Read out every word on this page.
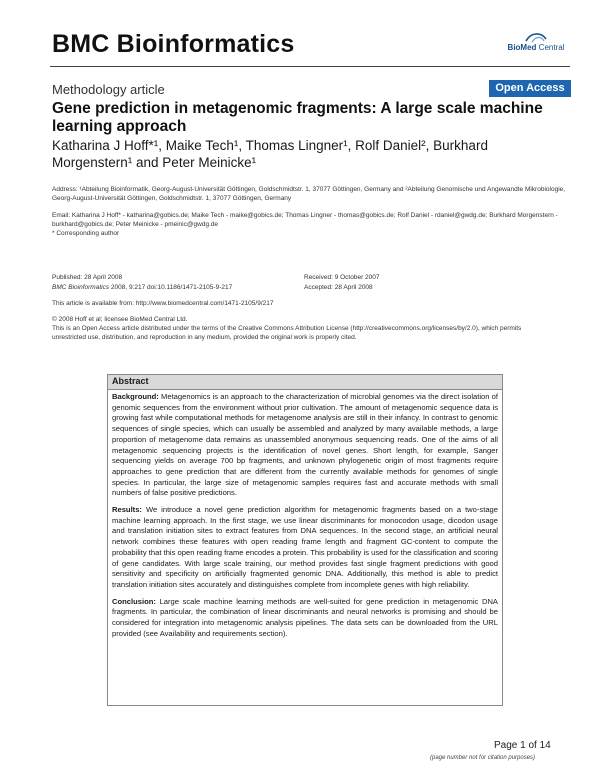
BMC Bioinformatics	BioMed Central
Methodology article	Open Access
Gene prediction in metagenomic fragments: A large scale machine learning approach
Katharina J Hoff*¹, Maike Tech¹, Thomas Lingner¹, Rolf Daniel², Burkhard Morgenstern¹ and Peter Meinicke¹
Address: ¹Abteilung Bioinformatik, Georg-August-Universität Göttingen, Goldschmidtstr. 1, 37077 Göttingen, Germany and ²Abteilung Genomische und Angewandte Mikrobiologie, Georg-August-Universität Göttingen, Goldschmidtstr. 1, 37077 Göttingen, Germany
Email: Katharina J Hoff* - katharina@gobics.de; Maike Tech - maike@gobics.de; Thomas Lingner - thomas@gobics.de; Rolf Daniel - rdaniel@gwdg.de; Burkhard Morgenstern - burkhard@gobics.de; Peter Meinicke - pmeinic@gwdg.de
* Corresponding author
Published: 28 April 2008
BMC Bioinformatics 2008, 9:217 doi:10.1186/1471-2105-9-217
Received: 9 October 2007
Accepted: 28 April 2008
This article is available from: http://www.biomedcentral.com/1471-2105/9/217
© 2008 Hoff et al; licensee BioMed Central Ltd.
This is an Open Access article distributed under the terms of the Creative Commons Attribution License (http://creativecommons.org/licenses/by/2.0), which permits unrestricted use, distribution, and reproduction in any medium, provided the original work is properly cited.
Abstract

Background: Metagenomics is an approach to the characterization of microbial genomes via the direct isolation of genomic sequences from the environment without prior cultivation. The amount of metagenomic sequence data is growing fast while computational methods for metagenome analysis are still in their infancy. In contrast to genomic sequences of single species, which can usually be assembled and analyzed by many available methods, a large proportion of metagenome data remains as unassembled anonymous sequencing reads. One of the aims of all metagenomic sequencing projects is the identification of novel genes. Short length, for example, Sanger sequencing yields on average 700 bp fragments, and unknown phylogenetic origin of most fragments require approaches to gene prediction that are different from the currently available methods for genomes of single species. In particular, the large size of metagenomic samples requires fast and accurate methods with small numbers of false positive predictions.

Results: We introduce a novel gene prediction algorithm for metagenomic fragments based on a two-stage machine learning approach. In the first stage, we use linear discriminants for monocodon usage, dicodon usage and translation initiation sites to extract features from DNA sequences. In the second stage, an artificial neural network combines these features with open reading frame length and fragment GC-content to compute the probability that this open reading frame encodes a protein. This probability is used for the classification and scoring of gene candidates. With large scale training, our method provides fast single fragment predictions with good sensitivity and specificity on artificially fragmented genomic DNA. Additionally, this method is able to predict translation initiation sites accurately and distinguishes complete from incomplete genes with high reliability.

Conclusion: Large scale machine learning methods are well-suited for gene prediction in metagenomic DNA fragments. In particular, the combination of linear discriminants and neural networks is promising and should be considered for integration into metagenomic analysis pipelines. The data sets can be downloaded from the URL provided (see Availability and requirements section).

Page 1 of 14
(page number not for citation purposes)
